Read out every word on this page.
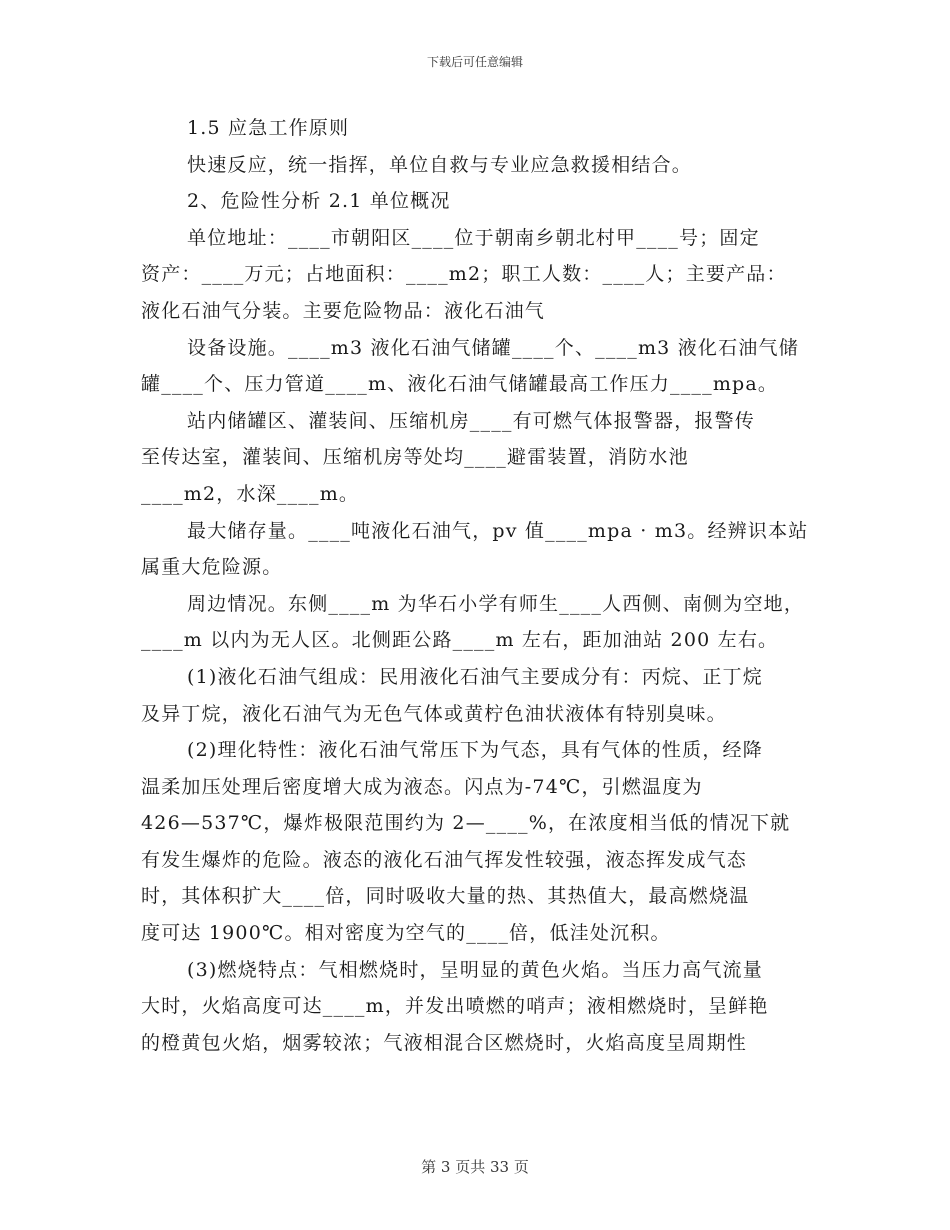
下载后可任意编辑
1.5 应急工作原则
快速反应，统一指挥，单位自救与专业应急救援相结合。
2、危险性分析 2.1 单位概况
单位地址：____市朝阳区____位于朝南乡朝北村甲____号；固定
资产：____万元；占地面积：____m2；职工人数：____人；主要产品：
液化石油气分装。主要危险物品：液化石油气
设备设施。____m3 液化石油气储罐____个、____m3 液化石油气储
罐____个、压力管道____m、液化石油气储罐最高工作压力____mpa。
站内储罐区、灌装间、压缩机房____有可燃气体报警器，报警传
至传达室，灌装间、压缩机房等处均____避雷装置，消防水池
____m2，水深____m。
最大储存量。____吨液化石油气，pv 值____mpa · m3。经辨识本站
属重大危险源。
周边情况。东侧____m 为华石小学有师生____人西侧、南侧为空地，
____m 以内为无人区。北侧距公路____m 左右，距加油站 200 左右。
(1)液化石油气组成：民用液化石油气主要成分有：丙烷、正丁烷
及异丁烷，液化石油气为无色气体或黄柠色油状液体有特别臭味。
(2)理化特性：液化石油气常压下为气态，具有气体的性质，经降
温柔加压处理后密度增大成为液态。闪点为-74℃，引燃温度为
426—537℃，爆炸极限范围约为 2—____%，在浓度相当低的情况下就
有发生爆炸的危险。液态的液化石油气挥发性较强，液态挥发成气态
时，其体积扩大____倍，同时吸收大量的热、其热值大，最高燃烧温
度可达 1900℃。相对密度为空气的____倍，低洼处沉积。
(3)燃烧特点：气相燃烧时，呈明显的黄色火焰。当压力高气流量
大时，火焰高度可达____m，并发出喷燃的哨声；液相燃烧时，呈鲜艳
的橙黄包火焰，烟雾较浓；气液相混合区燃烧时，火焰高度呈周期性
第 3 页共 33 页
